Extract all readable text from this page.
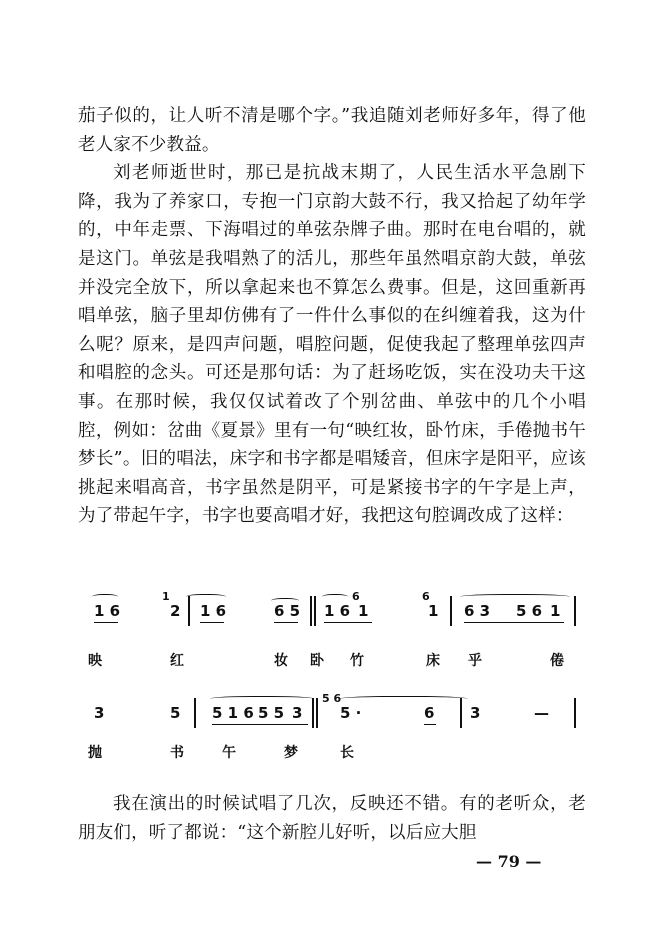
茄子似的，让人听不清是哪个字。”我追随刘老师好多年，得了他老人家不少教益。

刘老师逝世时，那已是抗战末期了，人民生活水平急剧下降，我为了养家口，专抱一门京韵大鼓不行，我又拾起了幼年学的，中年走票、下海唱过的单弦杂牌子曲。那时在电台唱的，就是这门。单弦是我唱熟了的活儿，那些年虽然唱京韵大鼓，单弦并没完全放下，所以拿起来也不算怎么费事。但是，这回重新再唱单弦，脑子里却仿佛有了一件什么事似的在纠缠着我，这为什么呢？原来，是四声问题，唱腔问题，促使我起了整理单弦四声和唱腔的念头。可还是那句话：为了赶场吃饭，实在没功夫干这事。在那时候，我仅仅试着改了个别岔曲、单弦中的几个小唱腔，例如：岔曲《夏景》里有一句“映红妆，卧竹床，手倦抛书午梦长”。旧的唱法，床字和书字都是唱矮音，但床字是阳平，应该挑起来唱高音，书字虽然是阴平，可是紧接书字的午字是上声，为了带起午字，书字也要高唱才好，我把这句腔调改成了这样：

1 6
1
2 1 6	6 5 1 6
6
1
6
1 6 3 5 6 1
映	红	妆 卧 竹	床 乎	倦
3	5 5 1 6 5 5 3
5 6
5 ·	6 3	—
抛	书	午	梦	长

我在演出的时候试唱了几次，反映还不错。有的老听众，老朋友们，听了都说：“这个新腔儿好听，以后应大胆

— 79 —
